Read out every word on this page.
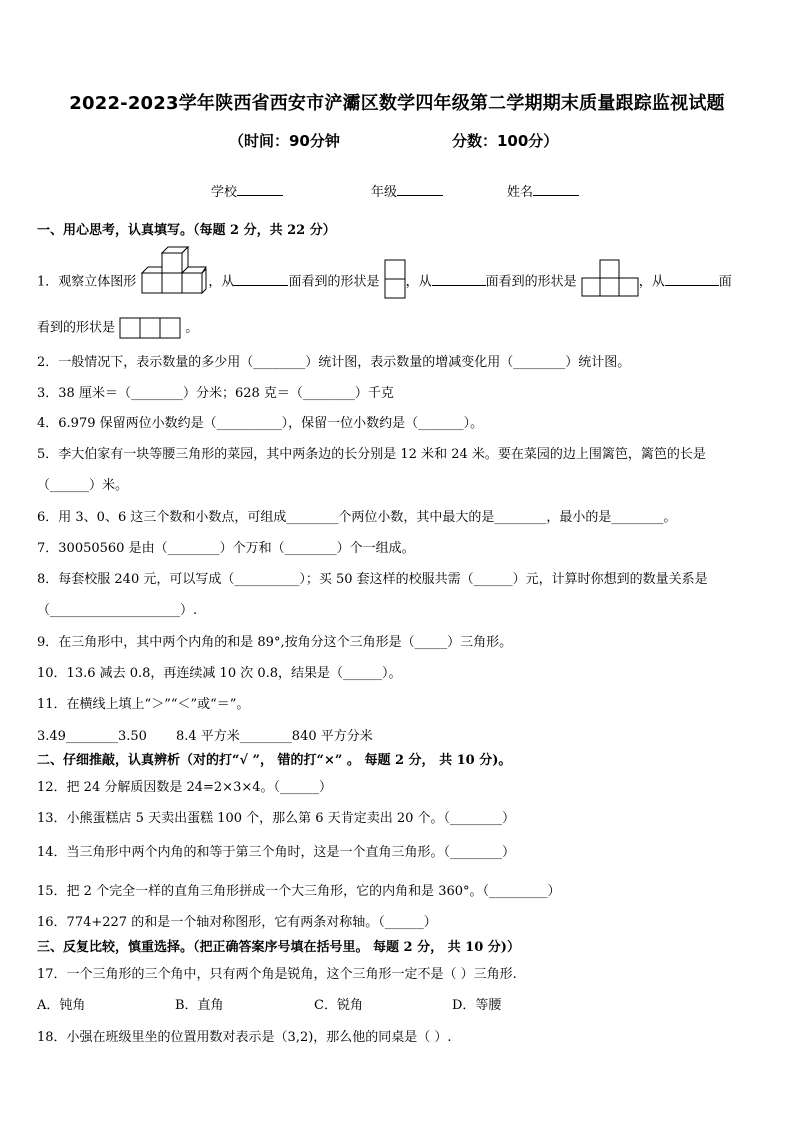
2022-2023学年陕西省西安市浐灞区数学四年级第二学期期末质量跟踪监视试题
（时间：90分钟	分数：100分）
学校	年级	姓名
一、用心思考，认真填写。（每题 2 分，共 22 分）
1．观察立体图形	，从	面看到的形状是 ，从	面看到的形状是	，从	面
看到的形状是	。
2．一般情况下，表示数量的多少用（________）统计图，表示数量的增减变化用（________）统计图。
3．38 厘米＝（________）分米；628 克＝（________）千克
4．6.979 保留两位小数约是（__________），保留一位小数约是（_______）。
5．李大伯家有一块等腰三角形的菜园，其中两条边的长分别是 12 米和 24 米。要在菜园的边上围篱笆，篱笆的长是
（______）米。
6．用 3、0、6 这三个数和小数点，可组成________个两位小数，其中最大的是________，最小的是________。
7．30050560 是由（________）个万和（________）个一组成。
8．每套校服 240 元，可以写成（__________）；买 50 套这样的校服共需（______）元，计算时你想到的数量关系是
（____________________）.
9．在三角形中，其中两个内角的和是 89°,按角分这个三角形是（_____）三角形。
10．13.6 减去 0.8，再连续减 10 次 0.8，结果是（______）。
11．在横线上填上“＞”“＜”或“＝”。
3.49________3.50 8.4 平方米________840 平方分米
二、仔细推敲，认真辨析（对的打“√ ”， 错的打“×” 。 每题 2 分， 共 10 分)。
12．把 24 分解质因数是 24=2×3×4。（______）
13．小熊蛋糕店 5 天卖出蛋糕 100 个，那么第 6 天肯定卖出 20 个。（________）
14．当三角形中两个内角的和等于第三个角时，这是一个直角三角形。（________）
15．把 2 个完全一样的直角三角形拼成一个大三角形，它的内角和是 360°。（_________）
16．774+227 的和是一个轴对称图形，它有两条对称轴。（______）
三、反复比较，慎重选择。（把正确答案序号填在括号里。 每题 2 分， 共 10 分)）
17．一个三角形的三个角中，只有两个角是锐角，这个三角形一定不是（ ）三角形.
A．钝角	B．直角	C．锐角	D．等腰
18．小强在班级里坐的位置用数对表示是（3,2)，那么他的同桌是（ ）.
